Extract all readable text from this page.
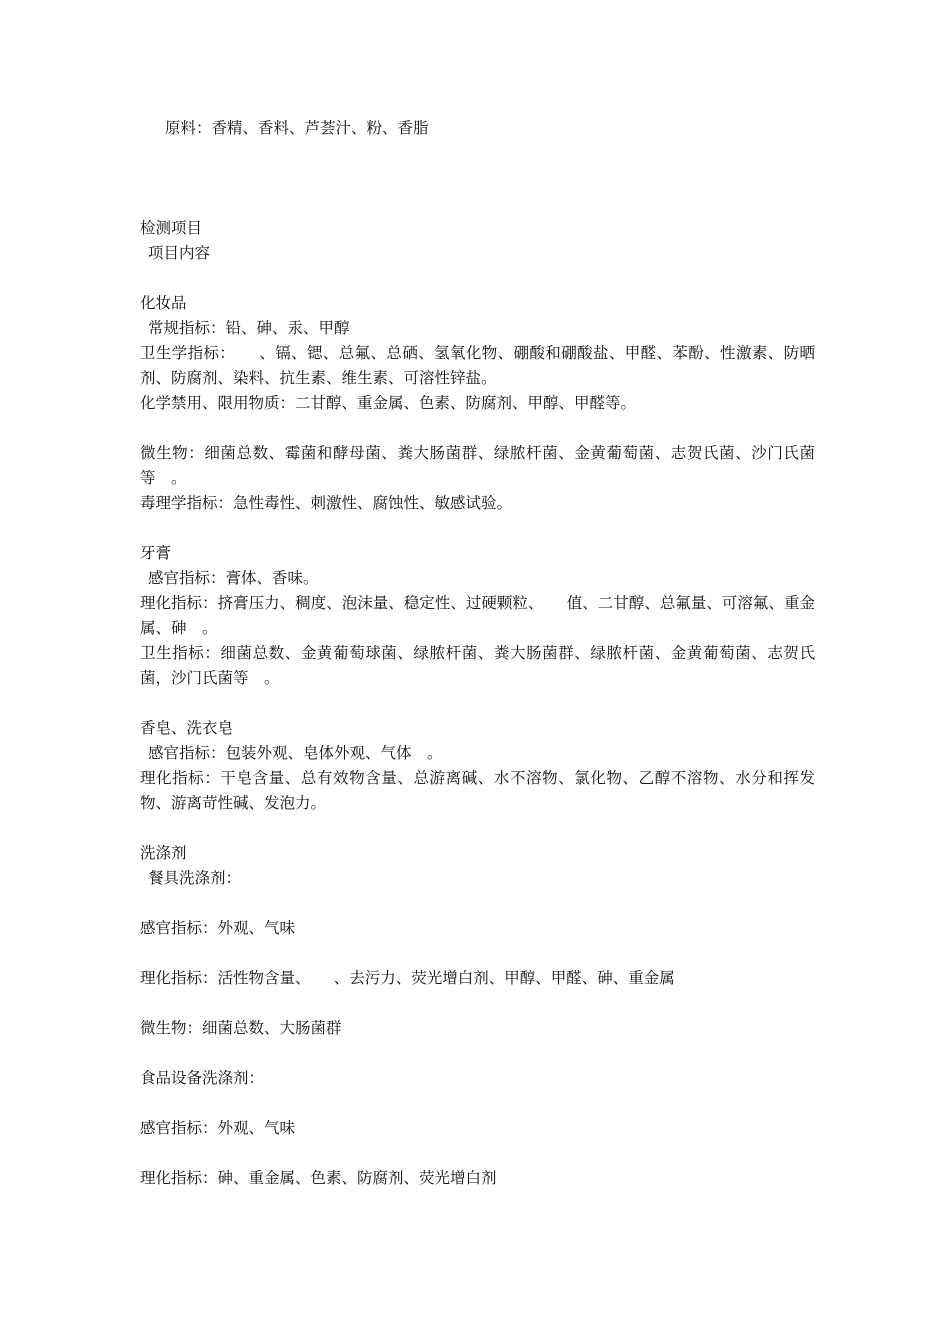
原料：香精、香料、芦荟汁、粉、香脂
检测项目
项目内容
化妆品
常规指标：铅、砷、汞、甲醇
卫生学指标：　　、镉、锶、总氟、总硒、氢氧化物、硼酸和硼酸盐、甲醛、苯酚、性激素、防晒剂、防腐剂、染料、抗生素、维生素、可溶性锌盐。
化学禁用、限用物质：二甘醇、重金属、色素、防腐剂、甲醇、甲醛等。
微生物：细菌总数、霉菌和酵母菌、粪大肠菌群、绿脓杆菌、金黄葡萄菌、志贺氏菌、沙门氏菌等　。
毒理学指标：急性毒性、刺激性、腐蚀性、敏感试验。
牙膏
感官指标：膏体、香味。
理化指标：挤膏压力、稠度、泡沫量、稳定性、过硬颗粒、　　值、二甘醇、总氟量、可溶氟、重金属、砷　。
卫生指标：细菌总数、金黄葡萄球菌、绿脓杆菌、粪大肠菌群、绿脓杆菌、金黄葡萄菌、志贺氏菌，沙门氏菌等　。
香皂、洗衣皂
感官指标：包装外观、皂体外观、气体　。
理化指标：干皂含量、总有效物含量、总游离碱、水不溶物、氯化物、乙醇不溶物、水分和挥发物、游离苛性碱、发泡力。
洗涤剂
餐具洗涤剂：
感官指标：外观、气味
理化指标：活性物含量、　　、去污力、荧光增白剂、甲醇、甲醛、砷、重金属
微生物：细菌总数、大肠菌群
食品设备洗涤剂：
感官指标：外观、气味
理化指标：砷、重金属、色素、防腐剂、荧光增白剂
